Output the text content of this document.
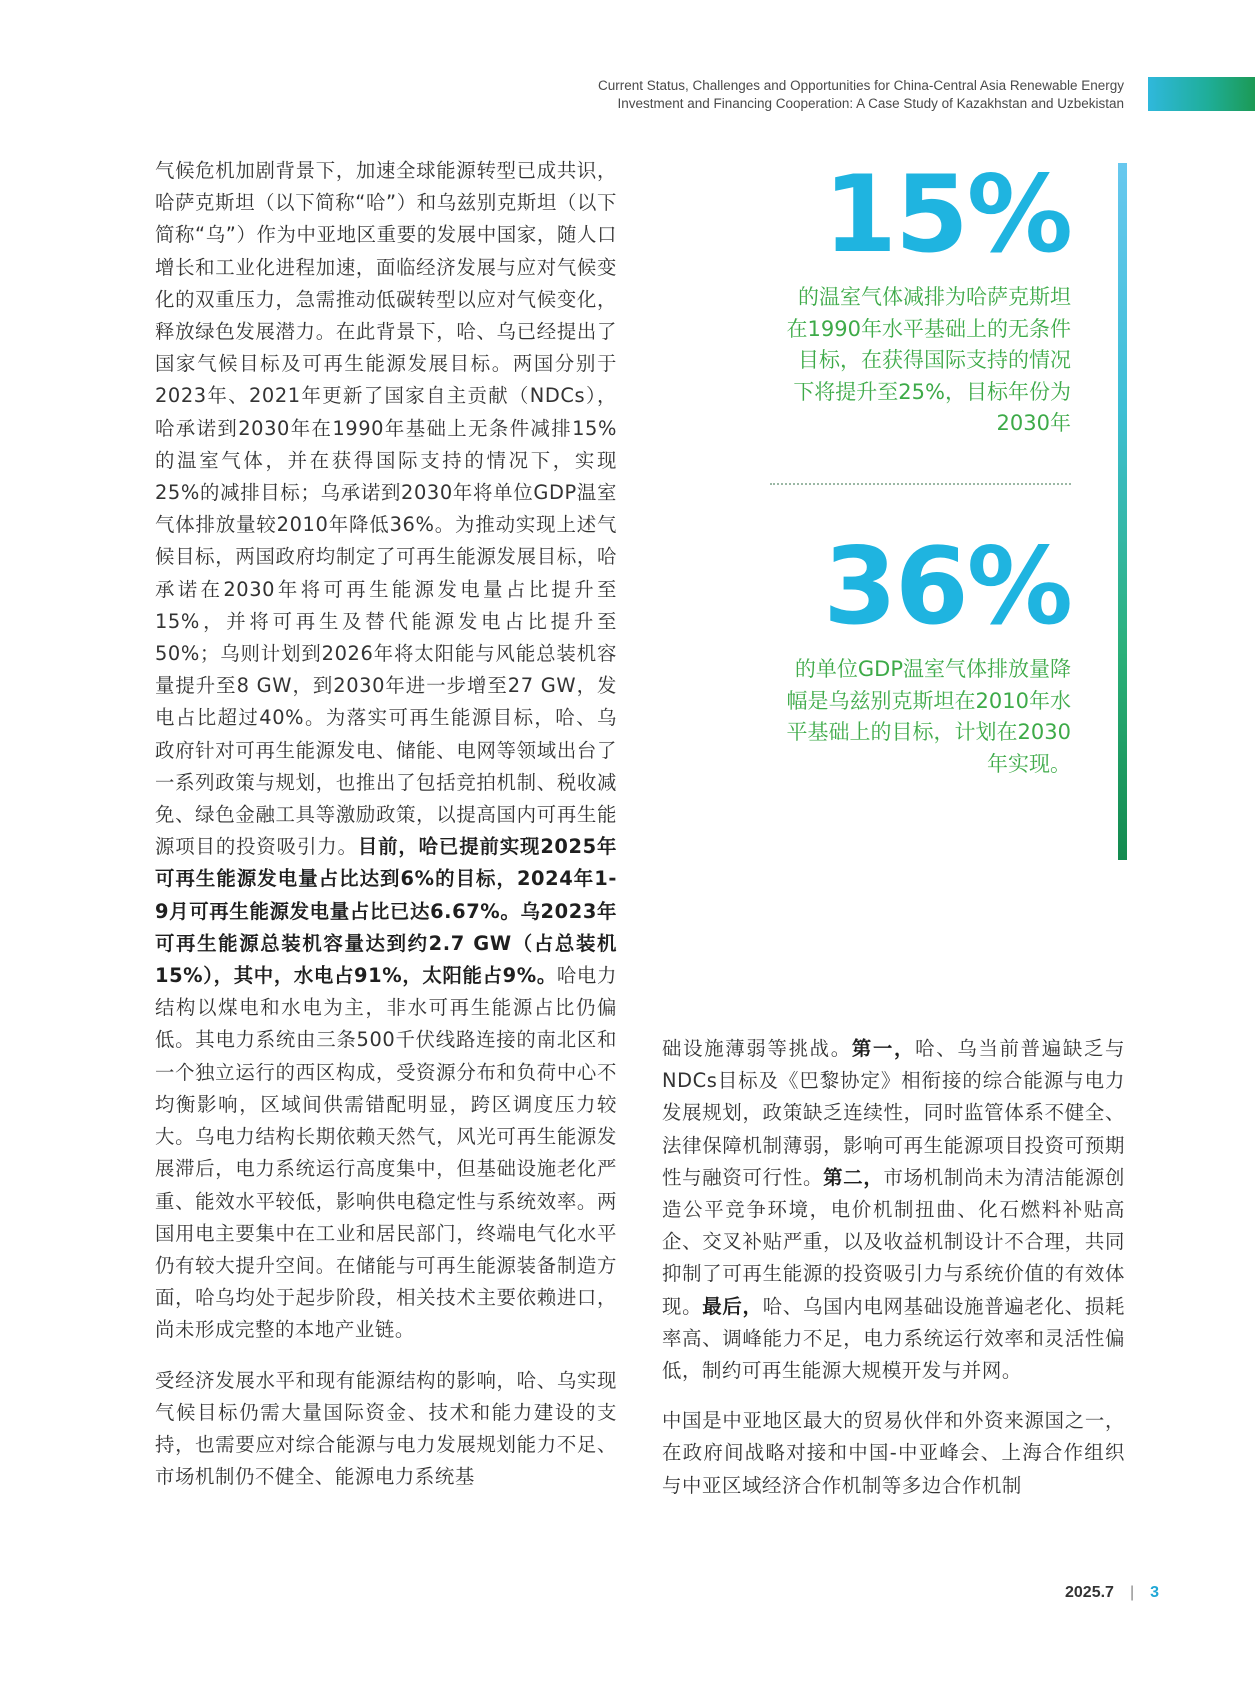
Current Status, Challenges and Opportunities for China-Central Asia Renewable Energy
Investment and Financing Cooperation: A Case Study of Kazakhstan and Uzbekistan

气候危机加剧背景下，加速全球能源转型已成共识，哈萨克斯坦（以下简称“哈”）和乌兹别克斯坦（以下简称“乌”）作为中亚地区重要的发展中国家，随人口增长和工业化进程加速，面临经济发展与应对气候变化的双重压力，急需推动低碳转型以应对气候变化，释放绿色发展潜力。在此背景下，哈、乌已经提出了国家气候目标及可再生能源发展目标。两国分别于2023年、2021年更新了国家自主贡献（NDCs），哈承诺到2030年在1990年基础上无条件减排15%的温室气体，并在获得国际支持的情况下，实现25%的减排目标；乌承诺到2030年将单位GDP温室气体排放量较2010年降低36%。为推动实现上述气候目标，两国政府均制定了可再生能源发展目标，哈承诺在2030年将可再生能源发电量占比提升至15%，并将可再生及替代能源发电占比提升至50%；乌则计划到2026年将太阳能与风能总装机容量提升至8 GW，到2030年进一步增至27 GW，发电占比超过40%。为落实可再生能源目标，哈、乌政府针对可再生能源发电、储能、电网等领域出台了一系列政策与规划，也推出了包括竞拍机制、税收减免、绿色金融工具等激励政策，以提高国内可再生能源项目的投资吸引力。目前，哈已提前实现2025年可再生能源发电量占比达到6%的目标，2024年1-9月可再生能源发电量占比已达6.67%。乌2023年可再生能源总装机容量达到约2.7 GW（占总装机15%），其中，水电占91%，太阳能占9%。哈电力结构以煤电和水电为主，非水可再生能源占比仍偏低。其电力系统由三条500千伏线路连接的南北区和一个独立运行的西区构成，受资源分布和负荷中心不均衡影响，区域间供需错配明显，跨区调度压力较大。乌电力结构长期依赖天然气，风光可再生能源发展滞后，电力系统运行高度集中，但基础设施老化严重、能效水平较低，影响供电稳定性与系统效率。两国用电主要集中在工业和居民部门，终端电气化水平仍有较大提升空间。在储能与可再生能源装备制造方面，哈乌均处于起步阶段，相关技术主要依赖进口，尚未形成完整的本地产业链。

受经济发展水平和现有能源结构的影响，哈、乌实现气候目标仍需大量国际资金、技术和能力建设的支持，也需要应对综合能源与电力发展规划能力不足、市场机制仍不健全、能源电力系统基

15%
的温室气体减排为哈萨克斯坦在1990年水平基础上的无条件目标，在获得国际支持的情况下将提升至25%，目标年份为2030年
36%
的单位GDP温室气体排放量降幅是乌兹别克斯坦在2010年水平基础上的目标，计划在2030年实现。

础设施薄弱等挑战。第一，哈、乌当前普遍缺乏与NDCs目标及《巴黎协定》相衔接的综合能源与电力发展规划，政策缺乏连续性，同时监管体系不健全、法律保障机制薄弱，影响可再生能源项目投资可预期性与融资可行性。第二，市场机制尚未为清洁能源创造公平竞争环境，电价机制扭曲、化石燃料补贴高企、交叉补贴严重，以及收益机制设计不合理，共同抑制了可再生能源的投资吸引力与系统价值的有效体现。最后，哈、乌国内电网基础设施普遍老化、损耗率高、调峰能力不足，电力系统运行效率和灵活性偏低，制约可再生能源大规模开发与并网。

中国是中亚地区最大的贸易伙伴和外资来源国之一，在政府间战略对接和中国-中亚峰会、上海合作组织与中亚区域经济合作机制等多边合作机制

2025.7 | 3
